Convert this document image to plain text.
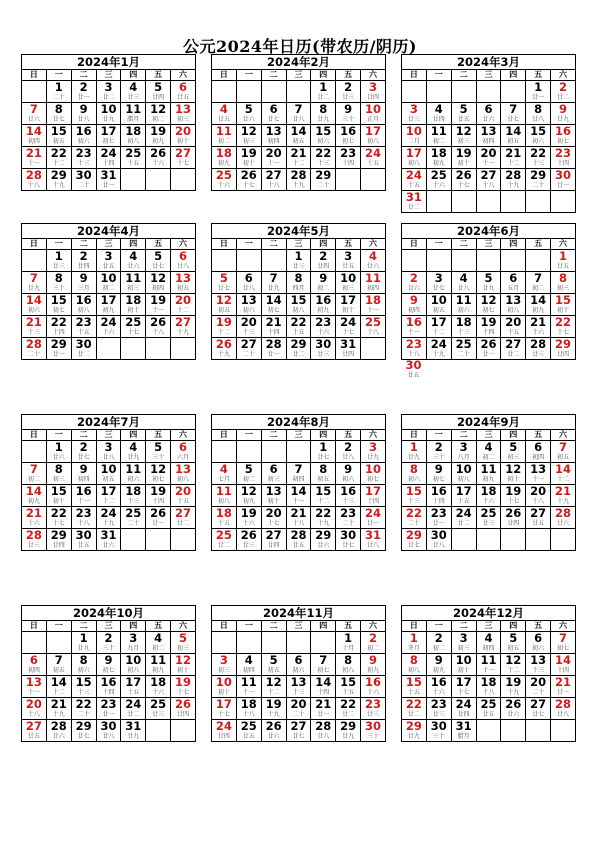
公元2024年日历(带农历/阴历)
2024年1月
日	一	二	三	四	五	六
	1	2	3	4	5	6
	二十	廿一	廿二	廿三	廿四	廿五
7	8	9	10	11	12	13
廿六	廿七	廿八	廿九	腊月	初二	初三
14	15	16	17	18	19	20
初四	初五	初六	初七	初八	初九	初十
21	22	23	24	25	26	27
十一	十二	十三	十四	十五	十六	十七
28	29	30	31			
十八	十九	二十	廿一			
2024年2月
日	一	二	三	四	五	六
				1	2	3
				廿二	廿三	廿四
4	5	6	7	8	9	10
廿五	廿六	廿七	廿八	廿九	三十	正月
11	12	13	14	15	16	17
初二	初三	初四	初五	初六	初七	初八
18	19	20	21	22	23	24
初九	初十	十一	十二	十三	十四	十五
25	26	27	28	29		
十六	十七	十八	十九	二十		
2024年3月
日	一	二	三	四	五	六
					1	2
					廿一	廿二
3	4	5	6	7	8	9
廿三	廿四	廿五	廿六	廿七	廿八	廿九
10	11	12	13	14	15	16
二月	初二	初三	初四	初五	初六	初七
17	18	19	20	21	22	23
初八	初九	初十	十一	十二	十三	十四
24	25	26	27	28	29	30
十五	十六	十七	十八	十九	二十	廿一
31						
廿二						
2024年4月
日	一	二	三	四	五	六
	1	2	3	4	5	6
	廿三	廿四	廿五	廿六	廿七	廿八
7	8	9	10	11	12	13
廿九	三十	三月	初二	初三	初四	初五
14	15	16	17	18	19	20
初六	初七	初八	初九	初十	十一	十二
21	22	23	24	25	26	27
十三	十四	十五	十六	十七	十八	十九
28	29	30				
二十	廿一	廿二				
2024年5月
日	一	二	三	四	五	六
			1	2	3	4
			廿三	廿四	廿五	廿六
5	6	7	8	9	10	11
廿七	廿八	廿九	四月	初二	初三	初四
12	13	14	15	16	17	18
初五	初六	初七	初八	初九	初十	十一
19	20	21	22	23	24	25
十二	十三	十四	十五	十六	十七	十八
26	27	28	29	30	31	
十九	二十	廿一	廿二	廿三	廿四	
2024年6月
日	一	二	三	四	五	六
						1
						廿五
2	3	4	5	6	7	8
廿六	廿七	廿八	廿九	五月	初二	初三
9	10	11	12	13	14	15
初四	初五	初六	初七	初八	初九	初十
16	17	18	19	20	21	22
十一	十二	十三	十四	十五	十六	十七
23	24	25	26	27	28	29
十八	十九	二十	廿一	廿二	廿三	廿四
30
廿五
2024年7月
日	一	二	三	四	五	六
	1	2	3	4	5	6
	廿六	廿七	廿八	廿九	三十	六月
7	8	9	10	11	12	13
初二	初三	初四	初五	初六	初七	初八
14	15	16	17	18	19	20
初九	初十	十一	十二	十三	十四	十五
21	22	23	24	25	26	27
十六	十七	十八	十九	二十	廿一	廿二
28	29	30	31			
廿三	廿四	廿五	廿六			
2024年8月
日	一	二	三	四	五	六
				1	2	3
				廿七	廿八	廿九
4	5	6	7	8	9	10
七月	初二	初三	初四	初五	初六	初七
11	12	13	14	15	16	17
初八	初九	初十	十一	十二	十三	十四
18	19	20	21	22	23	24
十五	十六	十七	十八	十九	二十	廿一
25	26	27	28	29	30	31
廿二	廿三	廿四	廿五	廿六	廿七	廿八
2024年9月
日	一	二	三	四	五	六
1	2	3	4	5	6	7
廿九	三十	八月	初二	初三	初四	初五
8	9	10	11	12	13	14
初六	初七	初八	初九	初十	十一	十二
15	16	17	18	19	20	21
十三	十四	十五	十六	十七	十八	十九
22	23	24	25	26	27	28
二十	廿一	廿二	廿三	廿四	廿五	廿六
29	30					
廿七	廿八					
2024年10月
日	一	二	三	四	五	六
		1	2	3	4	5
		廿九	三十	九月	初二	初三
6	7	8	9	10	11	12
初四	初五	初六	初七	初八	初九	初十
13	14	15	16	17	18	19
十一	十二	十三	十四	十五	十六	十七
20	21	22	23	24	25	26
十八	十九	二十	廿一	廿二	廿三	廿四
27	28	29	30	31		
廿五	廿六	廿七	廿八	廿九		
2024年11月
日	一	二	三	四	五	六
					1	2
					十月	初二
3	4	5	6	7	8	9
初三	初四	初五	初六	初七	初八	初九
10	11	12	13	14	15	16
初十	十一	十二	十三	十四	十五	十六
17	18	19	20	21	22	23
十七	十八	十九	二十	廿一	廿二	廿三
24	25	26	27	28	29	30
廿四	廿五	廿六	廿七	廿八	廿九	三十
2024年12月
日	一	二	三	四	五	六
1	2	3	4	5	6	7
冬月	初二	初三	初四	初五	初六	初七
8	9	10	11	12	13	14
初八	初九	初十	十一	十二	十三	十四
15	16	17	18	19	20	21
十五	十六	十七	十八	十九	二十	廿一
22	23	24	25	26	27	28
廿二	廿三	廿四	廿五	廿六	廿七	廿八
29	30	31				
廿九	三十	腊月				
